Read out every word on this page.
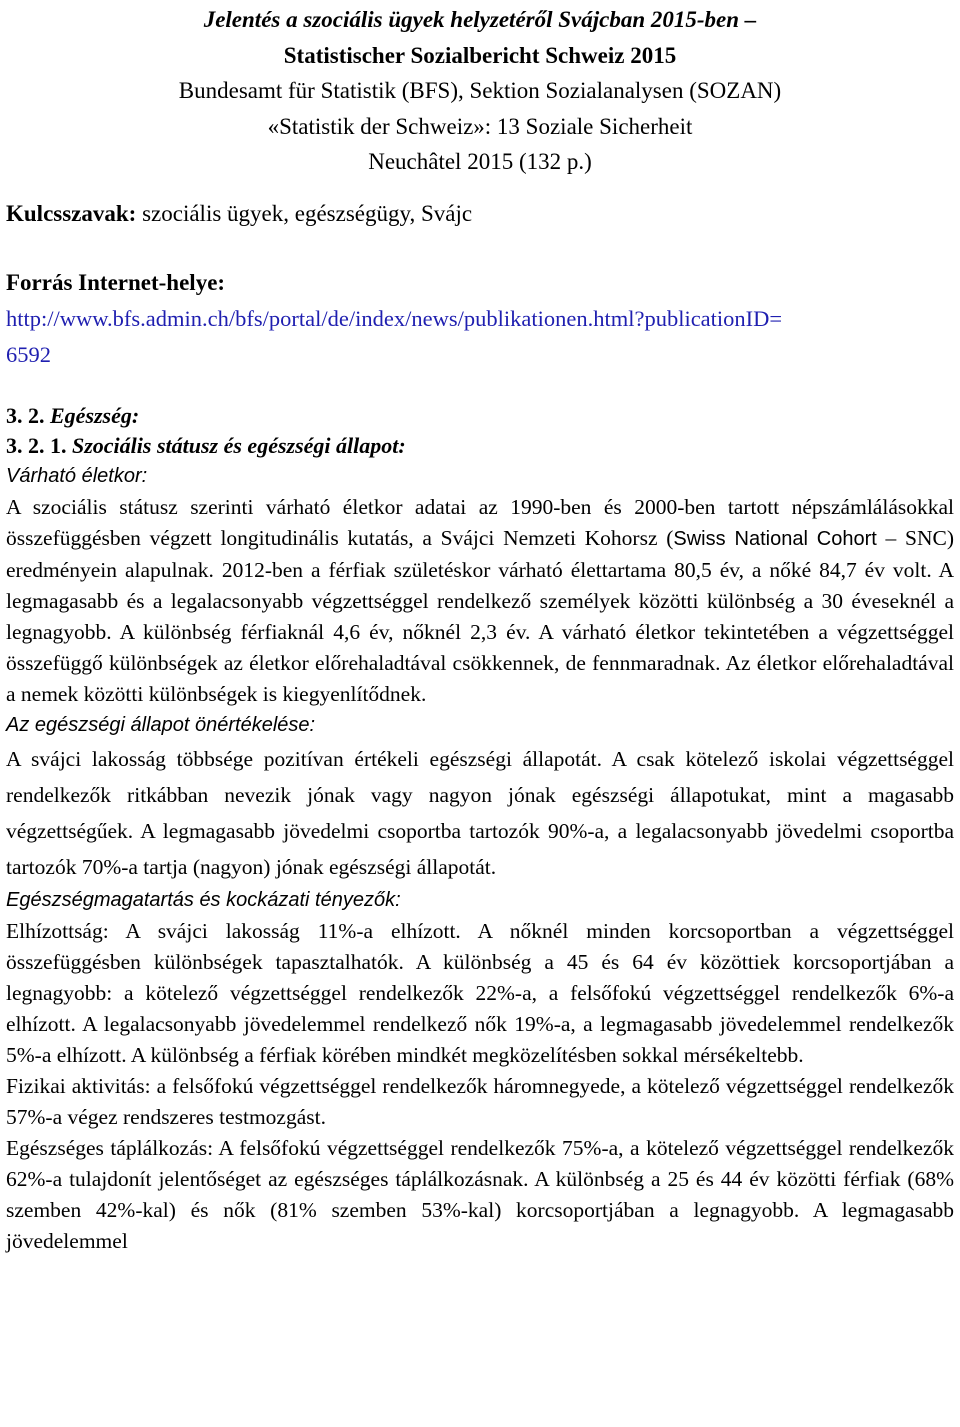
Jelentés a szociális ügyek helyzetéről Svájcban 2015-ben –
Statistischer Sozialbericht Schweiz 2015
Bundesamt für Statistik (BFS), Sektion Sozialanalysen (SOZAN)
«Statistik der Schweiz»: 13 Soziale Sicherheit
Neuchâtel 2015 (132 p.)
Kulcsszavak: szociális ügyek, egészségügy, Svájc
Forrás Internet-helye:
http://www.bfs.admin.ch/bfs/portal/de/index/news/publikationen.html?publicationID=
6592
3. 2. Egészség:
3. 2. 1. Szociális státusz és egészségi állapot:
Várható életkor:

A szociális státusz szerinti várható életkor adatai az 1990-ben és 2000-ben tartott népszámlálásokkal összefüggésben végzett longitudinális kutatás, a Svájci Nemzeti Kohorsz (Swiss National Cohort – SNC) eredményein alapulnak. 2012-ben a férfiak születéskor várható élettartama 80,5 év, a nőké 84,7 év volt. A legmagasabb és a legalacsonyabb végzettséggel rendelkező személyek közötti különbség a 30 éveseknél a legnagyobb. A különbség férfiaknál 4,6 év, nőknél 2,3 év. A várható életkor tekintetében a végzettséggel összefüggő különbségek az életkor előrehaladtával csökkennek, de fennmaradnak. Az életkor előrehaladtával a nemek közötti különbségek is kiegyenlítődnek.

Az egészségi állapot önértékelése:

A svájci lakosság többsége pozitívan értékeli egészségi állapotát. A csak kötelező iskolai végzettséggel rendelkezők ritkábban nevezik jónak vagy nagyon jónak egészségi állapotukat, mint a magasabb végzettségűek. A legmagasabb jövedelmi csoportba tartozók 90%-a, a legalacsonyabb jövedelmi csoportba tartozók 70%-a tartja (nagyon) jónak egészségi állapotát.

Egészségmagatartás és kockázati tényezők:

Elhízottság: A svájci lakosság 11%-a elhízott. A nőknél minden korcsoportban a végzettséggel összefüggésben különbségek tapasztalhatók. A különbség a 45 és 64 év közöttiek korcsoportjában a legnagyobb: a kötelező végzettséggel rendelkezők 22%-a, a felsőfokú végzettséggel rendelkezők 6%-a elhízott. A legalacsonyabb jövedelemmel rendelkező nők 19%-a, a legmagasabb jövedelemmel rendelkezők 5%-a elhízott. A különbség a férfiak körében mindkét megközelítésben sokkal mérsékeltebb.

Fizikai aktivitás: a felsőfokú végzettséggel rendelkezők háromnegyede, a kötelező végzettséggel rendelkezők 57%-a végez rendszeres testmozgást.

Egészséges táplálkozás: A felsőfokú végzettséggel rendelkezők 75%-a, a kötelező végzettséggel rendelkezők 62%-a tulajdonít jelentőséget az egészséges táplálkozásnak. A különbség a 25 és 44 év közötti férfiak (68% szemben 42%-kal) és nők (81% szemben 53%-kal) korcsoportjában a legnagyobb. A legmagasabb jövedelemmel
